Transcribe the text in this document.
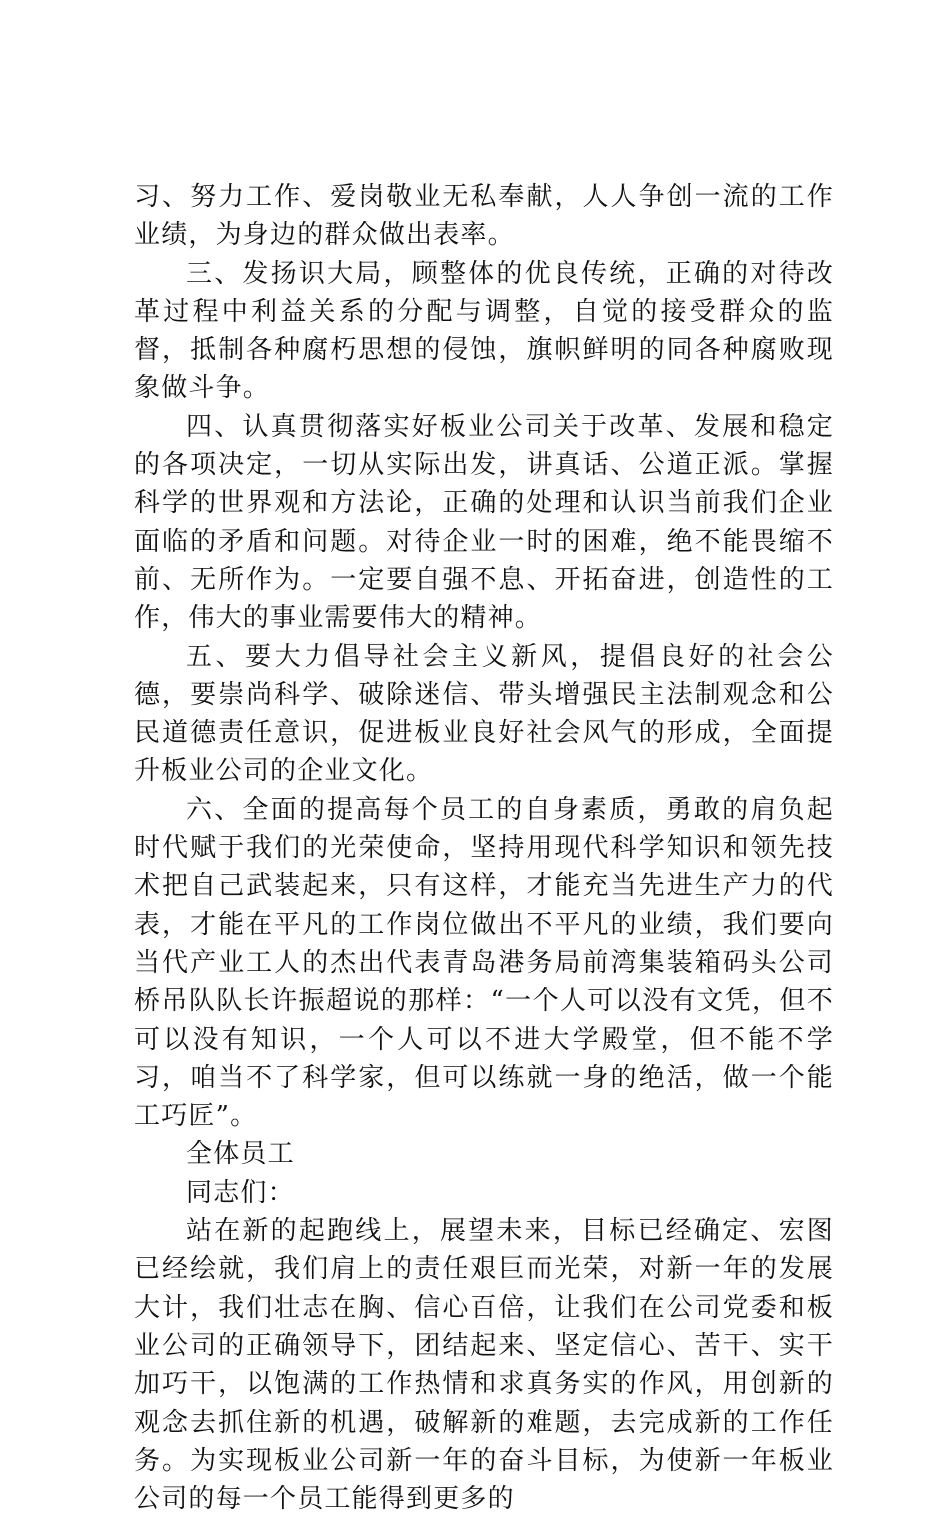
习、努力工作、爱岗敬业无私奉献，人人争创一流的工作业绩，为身边的群众做出表率。

三、发扬识大局，顾整体的优良传统，正确的对待改革过程中利益关系的分配与调整，自觉的接受群众的监督，抵制各种腐朽思想的侵蚀，旗帜鲜明的同各种腐败现象做斗争。

四、认真贯彻落实好板业公司关于改革、发展和稳定的各项决定，一切从实际出发，讲真话、公道正派。掌握科学的世界观和方法论，正确的处理和认识当前我们企业面临的矛盾和问题。对待企业一时的困难，绝不能畏缩不前、无所作为。一定要自强不息、开拓奋进，创造性的工作，伟大的事业需要伟大的精神。

五、要大力倡导社会主义新风，提倡良好的社会公德，要崇尚科学、破除迷信、带头增强民主法制观念和公民道德责任意识，促进板业良好社会风气的形成，全面提升板业公司的企业文化。

六、全面的提高每个员工的自身素质，勇敢的肩负起时代赋于我们的光荣使命，坚持用现代科学知识和领先技术把自己武装起来，只有这样，才能充当先进生产力的代表，才能在平凡的工作岗位做出不平凡的业绩，我们要向当代产业工人的杰出代表青岛港务局前湾集装箱码头公司桥吊队队长许振超说的那样：“一个人可以没有文凭，但不可以没有知识，一个人可以不进大学殿堂，但不能不学习，咱当不了科学家，但可以练就一身的绝活，做一个能工巧匠”。

全体员工

同志们：

站在新的起跑线上，展望未来，目标已经确定、宏图已经绘就，我们肩上的责任艰巨而光荣，对新一年的发展大计，我们壮志在胸、信心百倍，让我们在公司党委和板业公司的正确领导下，团结起来、坚定信心、苦干、实干加巧干，以饱满的工作热情和求真务实的作风，用创新的观念去抓住新的机遇，破解新的难题，去完成新的工作任务。为实现板业公司新一年的奋斗目标，为使新一年板业公司的每一个员工能得到更多的
